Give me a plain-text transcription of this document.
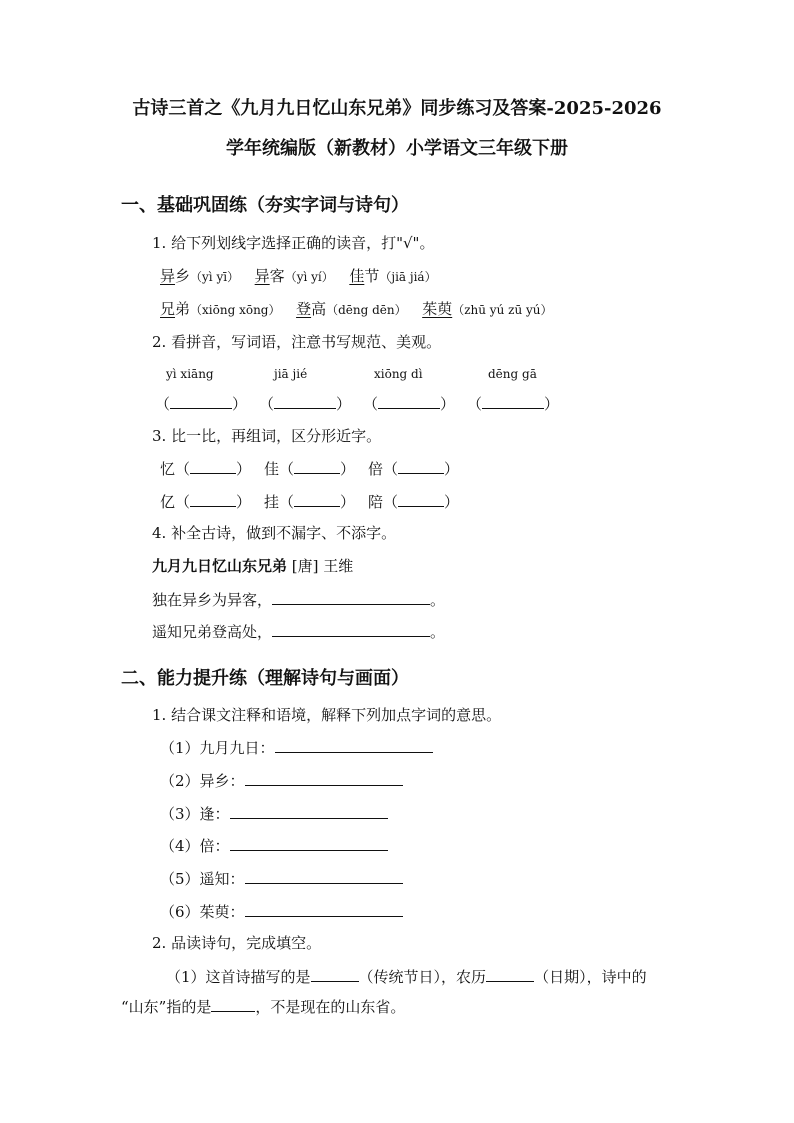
古诗三首之《九月九日忆山东兄弟》同步练习及答案-2025-2026
学年统编版（新教材）小学语文三年级下册
一、基础巩固练（夯实字词与诗句）
1. 给下列划线字选择正确的读音，打"√"。
异乡（yì yī） 异客（yì yí） 佳节（jiā jiá）
兄弟（xiōng xōng） 登高（dēng dēn） 茱萸（zhū yú zū yú）
2. 看拼音，写词语，注意书写规范、美观。
yì xiāng	jiā jié	xiōng dì	dēng gā
（	） （	） （	） （	）
3. 比一比，再组词，区分形近字。
忆（	） 佳（	） 倍（	）
亿（	） 挂（	） 陪（	）
4. 补全古诗，做到不漏字、不添字。
九月九日忆山东兄弟 [唐] 王维
独在异乡为异客，	。
遥知兄弟登高处，	。
二、能力提升练（理解诗句与画面）
1. 结合课文注释和语境，解释下列加点字词的意思。
（1）九月九日：
（2）异乡：
（3）逢：
（4）倍：
（5）遥知：
（6）茱萸：
2. 品读诗句，完成填空。
（1）这首诗描写的是	（传统节日），农历	（日期），诗中的
“山东”指的是	，不是现在的山东省。
